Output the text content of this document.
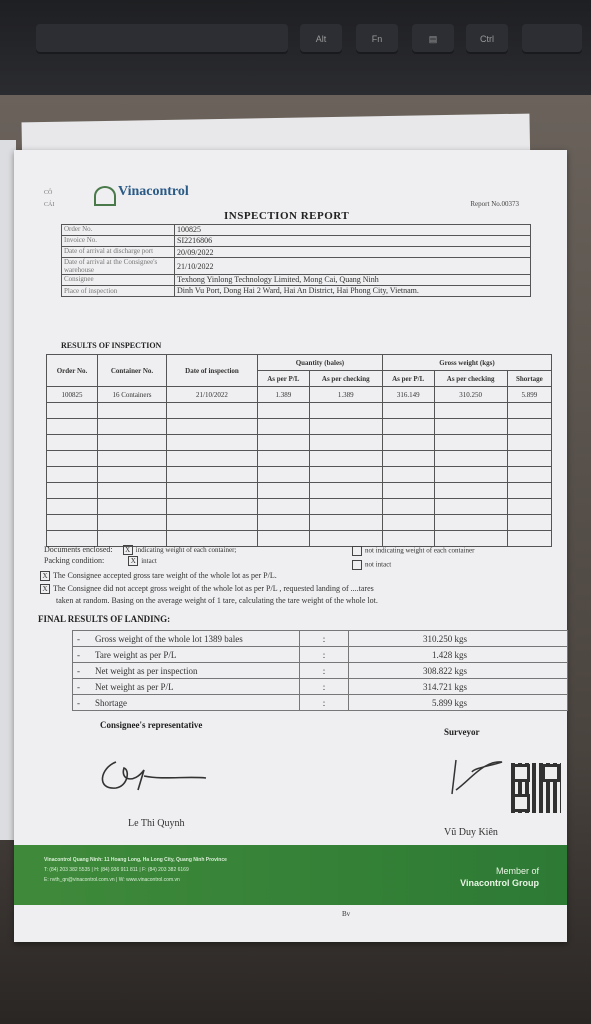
Alt	Fn	▤	Ctrl
CÔ
CÁI
Vinacontrol
Report No.00373
INSPECTION REPORT
Order No.	100825
Invoice No.	SI2216806
Date of arrival at discharge port	20/09/2022
Date of arrival at the Consignee's warehouse	21/10/2022
Consignee	Texhong Yinlong Technology Limited, Mong Cai, Quang Ninh
Place of inspection	Dinh Vu Port, Dong Hai 2 Ward, Hai An District, Hai Phong City, Vietnam.
RESULTS OF INSPECTION
Order No.	Container No.	Date of inspection	Quantity (bales)		Gross weight (kgs)		
			As per P/L	As per checking	As per P/L	As per checking	Shortage
100825	16 Containers	21/10/2022	1.389	1.389	316.149	310.250	5.899

Documents enclosed: X indicating weight of each container;	not indicating weight of each container
Packing condition:	X intact	not intact
X The Consignee accepted gross tare weight of the whole lot as per P/L.
X The Consignee did not accept gross weight of the whole lot as per P/L , requested landing of ....tares
taken at random. Basing on the average weight of 1 tare, calculating the tare weight of the whole lot.
FINAL RESULTS OF LANDING:
-	Gross weight of the whole lot 1389 bales	:	310.250 kgs
-	Tare weight as per P/L	:	1.428 kgs
-	Net weight as per inspection	:	308.822 kgs
-	Net weight as per P/L	:	314.721 kgs
-	Shortage	:	5.899 kgs
Consignee's representative
Surveyor
Le Thi Quynh
Vũ Duy Kiên
Vinacontrol Quang Ninh: 11 Hoang Long, Ha Long City, Quang Ninh Province
T: (84) 203 382 5535 | H: (84) 936 911 811 | F: (84) 203 382 6169
E: nvth_qn@vinacontrol.com.vn | W: www.vinacontrol.com.vn
Member of
Vinacontrol Group
Bv
